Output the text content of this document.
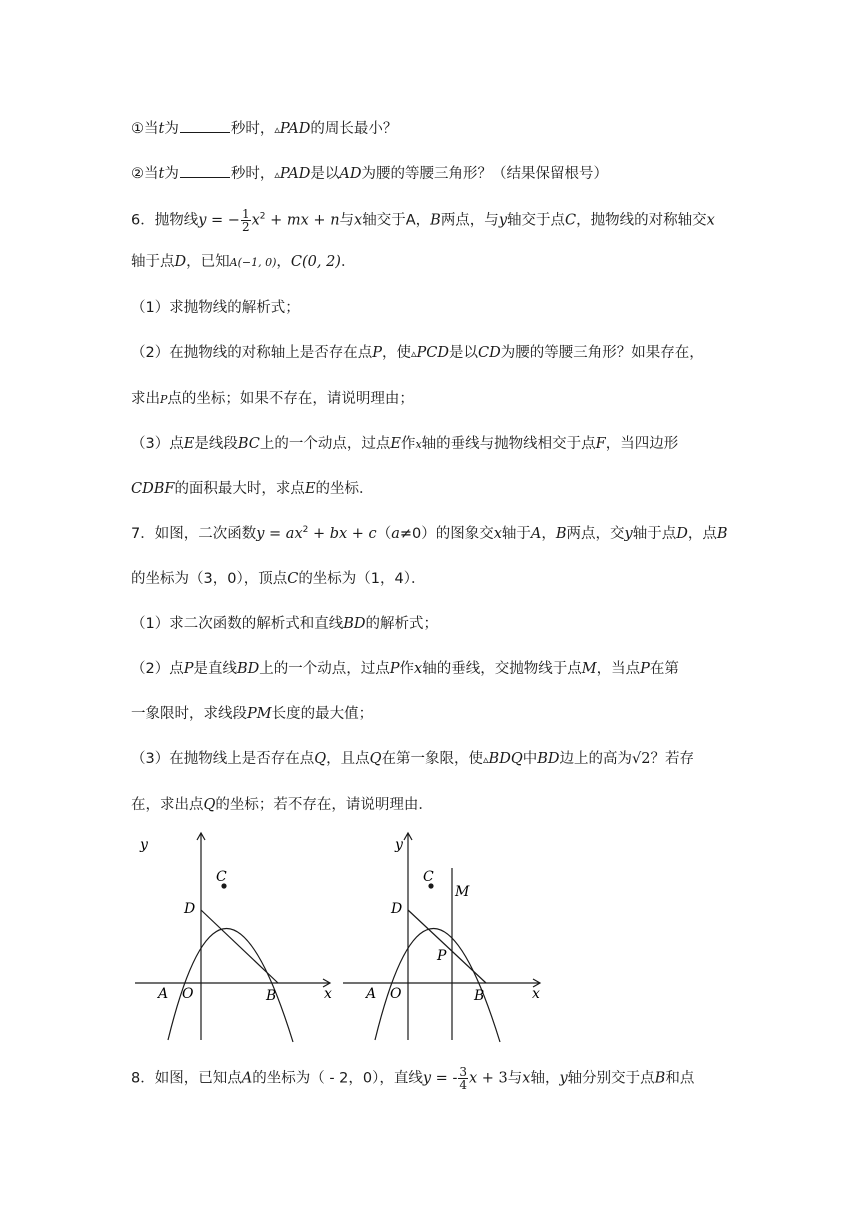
①当t为	秒时，▵PAD的周长最小？
②当t为	秒时，▵PAD是以AD为腰的等腰三角形？（结果保留根号）
6．抛物线y = − $\frac{1}{2} x^2$ + mx + n与x轴交于A，B两点，与y轴交于点C，抛物线的对称轴交x
轴于点D，已知A(−1, 0)，C(0, 2)．
（1）求抛物线的解析式；
（2）在抛物线的对称轴上是否存在点P，使▵PCD是以CD为腰的等腰三角形？如果存在，
求出P点的坐标；如果不存在，请说明理由；
（3）点E是线段BC上的一个动点，过点E作x轴的垂线与抛物线相交于点F，当四边形
CDBF的面积最大时，求点E的坐标．
7．如图，二次函数$y = ax^2$ + bx + c（a≠0）的图象交x轴于A，B两点，交y轴于点D，点B
的坐标为（3，0），顶点C的坐标为（1，4）．
（1）求二次函数的解析式和直线BD的解析式；
（2）点P是直线BD上的一个动点，过点P作x轴的垂线，交抛物线于点M，当点P在第
一象限时，求线段PM长度的最大值；
（3）在抛物线上是否存在点Q，且点Q在第一象限，使▵BDQ中BD边上的高为√2？若存
在，求出点Q的坐标；若不存在，请说明理由．
y
x
C
D
A O	B
y
x
C
M
D
P
A O	B
8．如图，已知点A的坐标为（ - 2，0），直线y = - $\frac{3}{4}$ x + 3与x轴，y轴分别交于点B和点
